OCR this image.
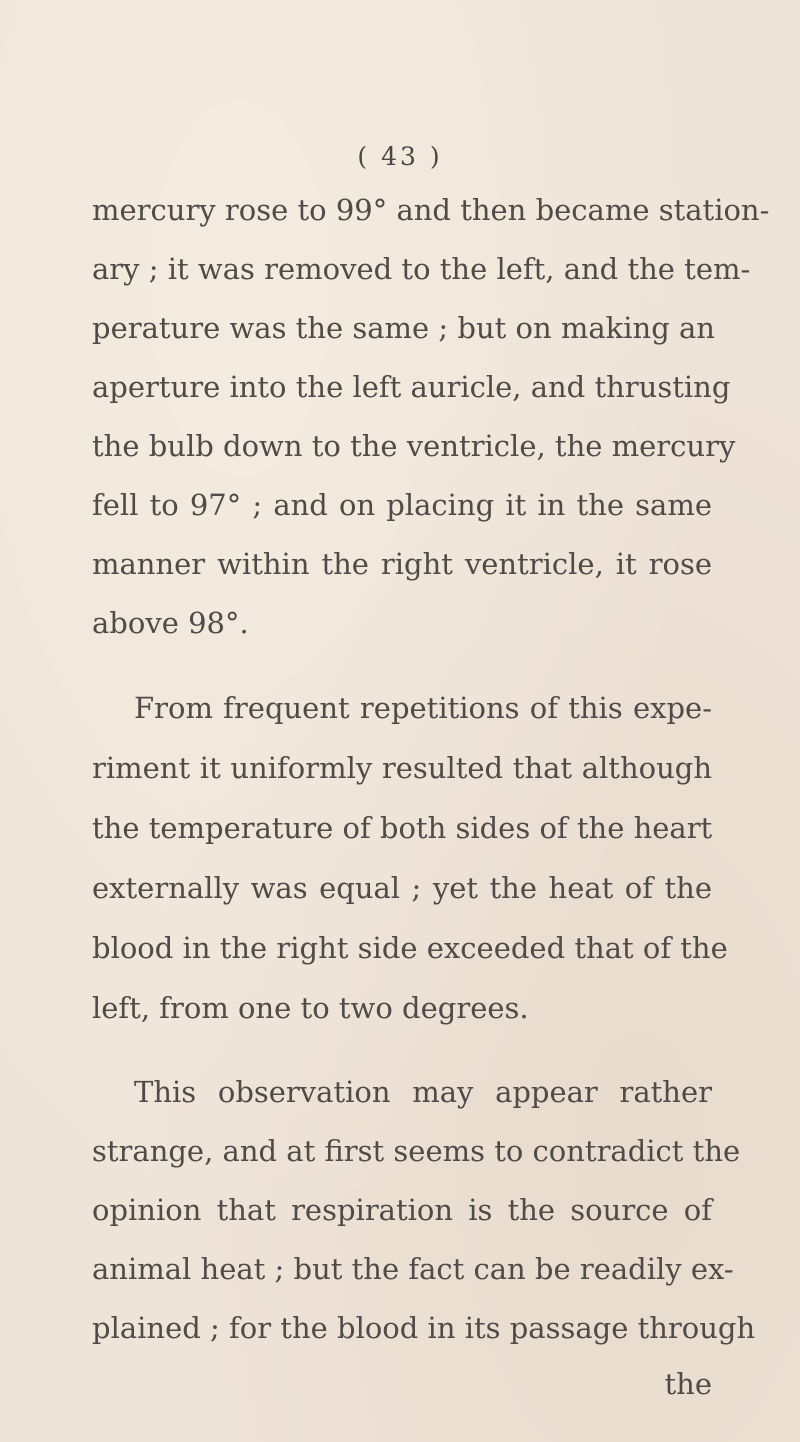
( 43 )
mercury rose to 99° and then became station-
ary ; it was removed to the left, and the tem-
perature was the same ; but on making an
aperture into the left auricle, and thrusting
the bulb down to the ventricle, the mercury
fell to 97° ; and on placing it in the same
manner within the right ventricle, it rose
above 98°.
From frequent repetitions of this expe-
riment it uniformly resulted that although
the temperature of both sides of the heart
externally was equal ; yet the heat of the
blood in the right side exceeded that of the
left, from one to two degrees.
This observation may appear rather
strange, and at first seems to contradict the
opinion that respiration is the source of
animal heat ; but the fact can be readily ex-
plained ; for the blood in its passage through
the
